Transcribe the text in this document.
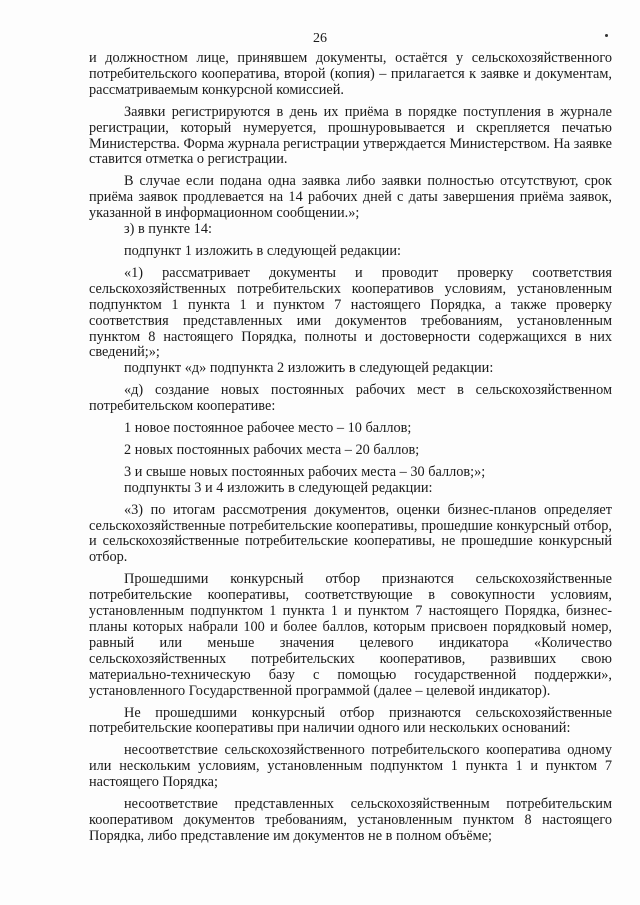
26

и должностном лице, принявшем документы, остаётся у сельскохозяйственного потребительского кооператива, второй (копия) – прилагается к заявке и документам, рассматриваемым конкурсной комиссией.

Заявки регистрируются в день их приёма в порядке поступления в журнале регистрации, который нумеруется, прошнуровывается и скрепляется печатью Министерства. Форма журнала регистрации утверждается Министерством. На заявке ставится отметка о регистрации.

В случае если подана одна заявка либо заявки полностью отсутствуют, срок приёма заявок продлевается на 14 рабочих дней с даты завершения приёма заявок, указанной в информационном сообщении.»;

з) в пункте 14:

подпункт 1 изложить в следующей редакции:

«1) рассматривает документы и проводит проверку соответствия сельскохозяйственных потребительских кооперативов условиям, установленным подпунктом 1 пункта 1 и пунктом 7 настоящего Порядка, а также проверку соответствия представленных ими документов требованиям, установленным пунктом 8 настоящего Порядка, полноты и достоверности содержащихся в них сведений;»;

подпункт «д» подпункта 2 изложить в следующей редакции:

«д) создание новых постоянных рабочих мест в сельскохозяйственном потребительском кооперативе:

1 новое постоянное рабочее место – 10 баллов;

2 новых постоянных рабочих места – 20 баллов;

3 и свыше новых постоянных рабочих места – 30 баллов;»;

подпункты 3 и 4 изложить в следующей редакции:

«3) по итогам рассмотрения документов, оценки бизнес-планов определяет сельскохозяйственные потребительские кооперативы, прошедшие конкурсный отбор, и сельскохозяйственные потребительские кооперативы, не прошедшие конкурсный отбор.

Прошедшими конкурсный отбор признаются сельскохозяйственные потребительские кооперативы, соответствующие в совокупности условиям, установленным подпунктом 1 пункта 1 и пунктом 7 настоящего Порядка, бизнес-планы которых набрали 100 и более баллов, которым присвоен порядковый номер, равный или меньше значения целевого индикатора «Количество сельскохозяйственных потребительских кооперативов, развивших свою материально-техническую базу с помощью государственной поддержки», установленного Государственной программой (далее – целевой индикатор).

Не прошедшими конкурсный отбор признаются сельскохозяйственные потребительские кооперативы при наличии одного или нескольких оснований:

несоответствие сельскохозяйственного потребительского кооператива одному или нескольким условиям, установленным подпунктом 1 пункта 1 и пунктом 7 настоящего Порядка;

несоответствие представленных сельскохозяйственным потребительским кооперативом документов требованиям, установленным пунктом 8 настоящего Порядка, либо представление им документов не в полном объёме;
